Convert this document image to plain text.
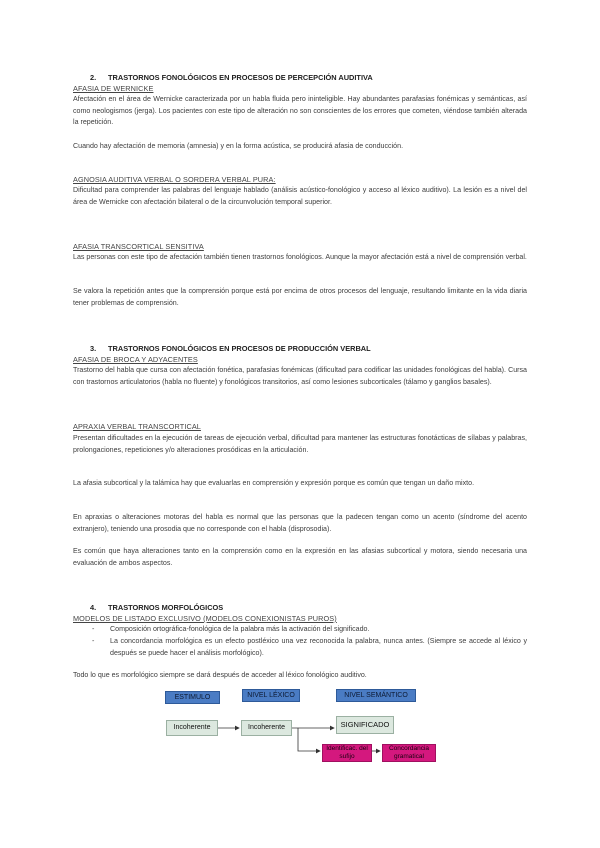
2. TRASTORNOS FONOLÓGICOS EN PROCESOS DE PERCEPCIÓN AUDITIVA
AFASIA DE WERNICKE
Afectación en el área de Wernicke caracterizada por un habla fluida pero ininteligible. Hay abundantes parafasias fonémicas y semánticas, así como neologismos (jerga). Los pacientes con este tipo de alteración no son conscientes de los errores que cometen, viéndose también alterada la repetición.
Cuando hay afectación de memoria (amnesia) y en la forma acústica, se producirá afasia de conducción.
AGNOSIA AUDITIVA VERBAL O SORDERA VERBAL PURA:
Dificultad para comprender las palabras del lenguaje hablado (análisis acústico-fonológico y acceso al léxico auditivo). La lesión es a nivel del área de Wernicke con afectación bilateral o de la circunvolución temporal superior.
AFASIA TRANSCORTICAL SENSITIVA
Las personas con este tipo de afectación también tienen trastornos fonológicos. Aunque la mayor afectación está a nivel de comprensión verbal.
Se valora la repetición antes que la comprensión porque está por encima de otros procesos del lenguaje, resultando limitante en la vida diaria tener problemas de comprensión.
3. TRASTORNOS FONOLÓGICOS EN PROCESOS DE PRODUCCIÓN VERBAL
AFASIA DE BROCA Y ADYACENTES
Trastorno del habla que cursa con afectación fonética, parafasias fonémicas (dificultad para codificar las unidades fonológicas del habla). Cursa con trastornos articulatorios (habla no fluente) y fonológicos transitorios, así como lesiones subcorticales (tálamo y ganglios basales).
APRAXIA VERBAL TRANSCORTICAL
Presentan dificultades en la ejecución de tareas de ejecución verbal, dificultad para mantener las estructuras fonotácticas de sílabas y palabras, prolongaciones, repeticiones y/o alteraciones prosódicas en la articulación.
La afasia subcortical y la talámica hay que evaluarlas en comprensión y expresión porque es común que tengan un daño mixto.
En apraxias o alteraciones motoras del habla es normal que las personas que la padecen tengan como un acento (síndrome del acento extranjero), teniendo una prosodia que no corresponde con el habla (disprosodia).
Es común que haya alteraciones tanto en la comprensión como en la expresión en las afasias subcortical y motora, siendo necesaria una evaluación de ambos aspectos.
4. TRASTORNOS MORFOLÓGICOS
MODELOS DE LISTADO EXCLUSIVO (MODELOS CONEXIONISTAS PUROS)
- Composición ortográfica-fonológica de la palabra más la activación del significado.
- La concordancia morfológica es un efecto postléxico una vez reconocida la palabra, nunca antes. (Siempre se accede al léxico y después se puede hacer el análisis morfológico).
Todo lo que es morfológico siempre se dará después de acceder al léxico fonológico auditivo.
ESTIMULO	NIVEL LÉXICO	NIVEL SEMÁNTICO
Incoherente	Incoherente	SIGNIFICADO
Identificac. del sufijo
Concordancia gramatical
